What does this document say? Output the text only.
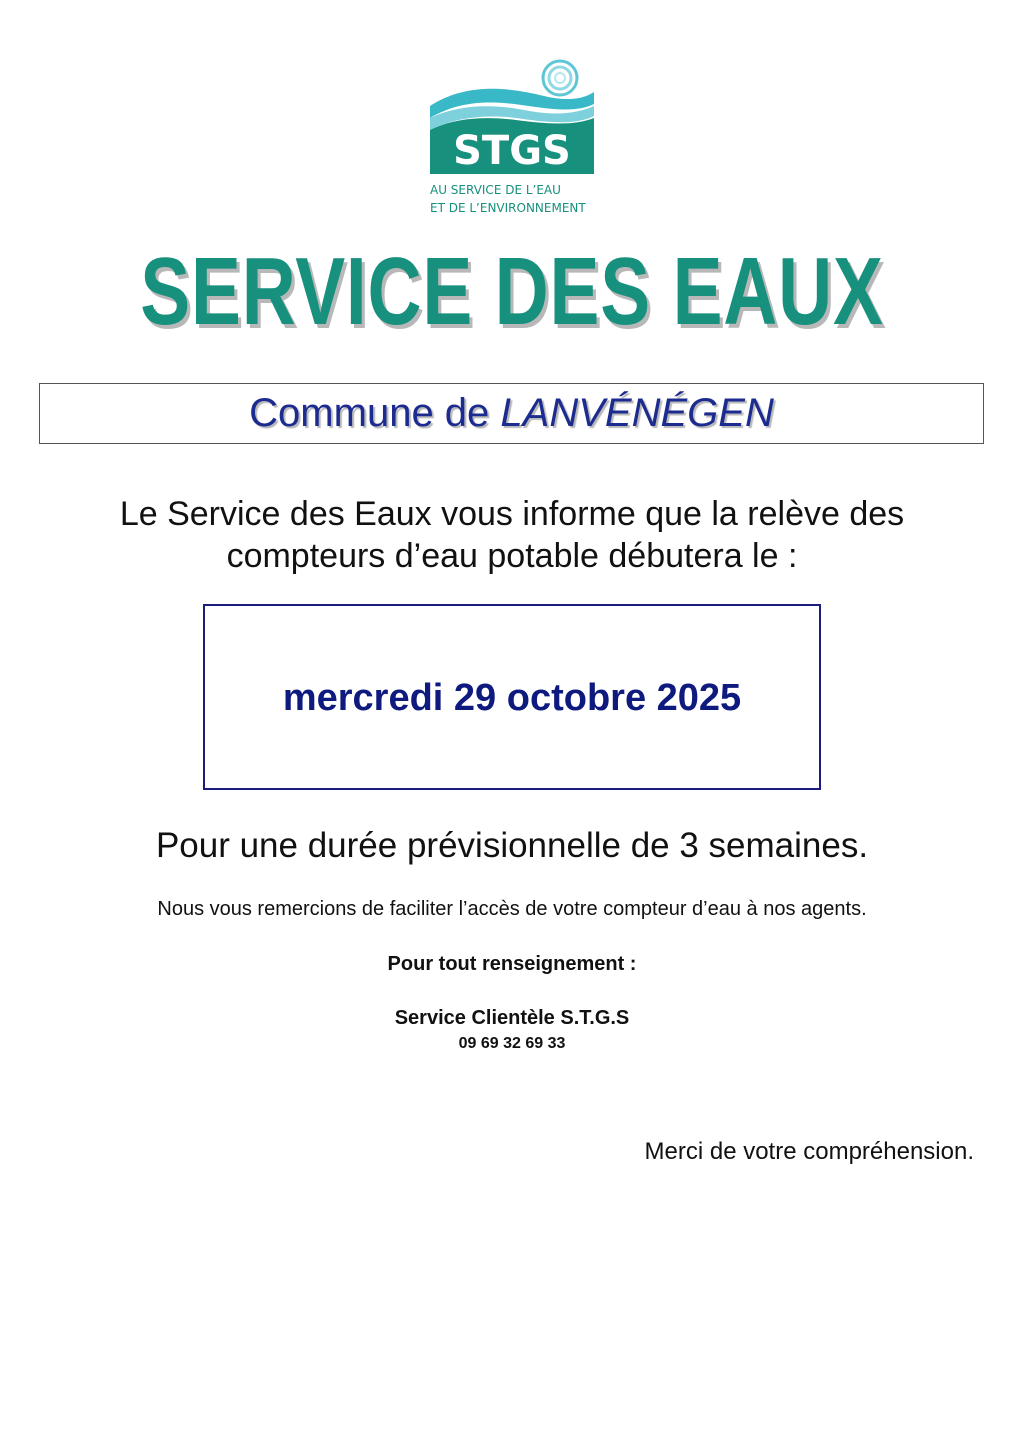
STGS
AU SERVICE DE L’EAU
ET DE L’ENVIRONNEMENT
SERVICE DES EAUX
Commune de LANVÉNÉGEN
Le Service des Eaux vous informe que la relève des
compteurs d’eau potable débutera le :
mercredi 29 octobre 2025
Pour une durée prévisionnelle de 3 semaines.
Nous vous remercions de faciliter l’accès de votre compteur d’eau à nos agents.
Pour tout renseignement :
Service Clientèle S.T.G.S
09 69 32 69 33
Merci de votre compréhension.
